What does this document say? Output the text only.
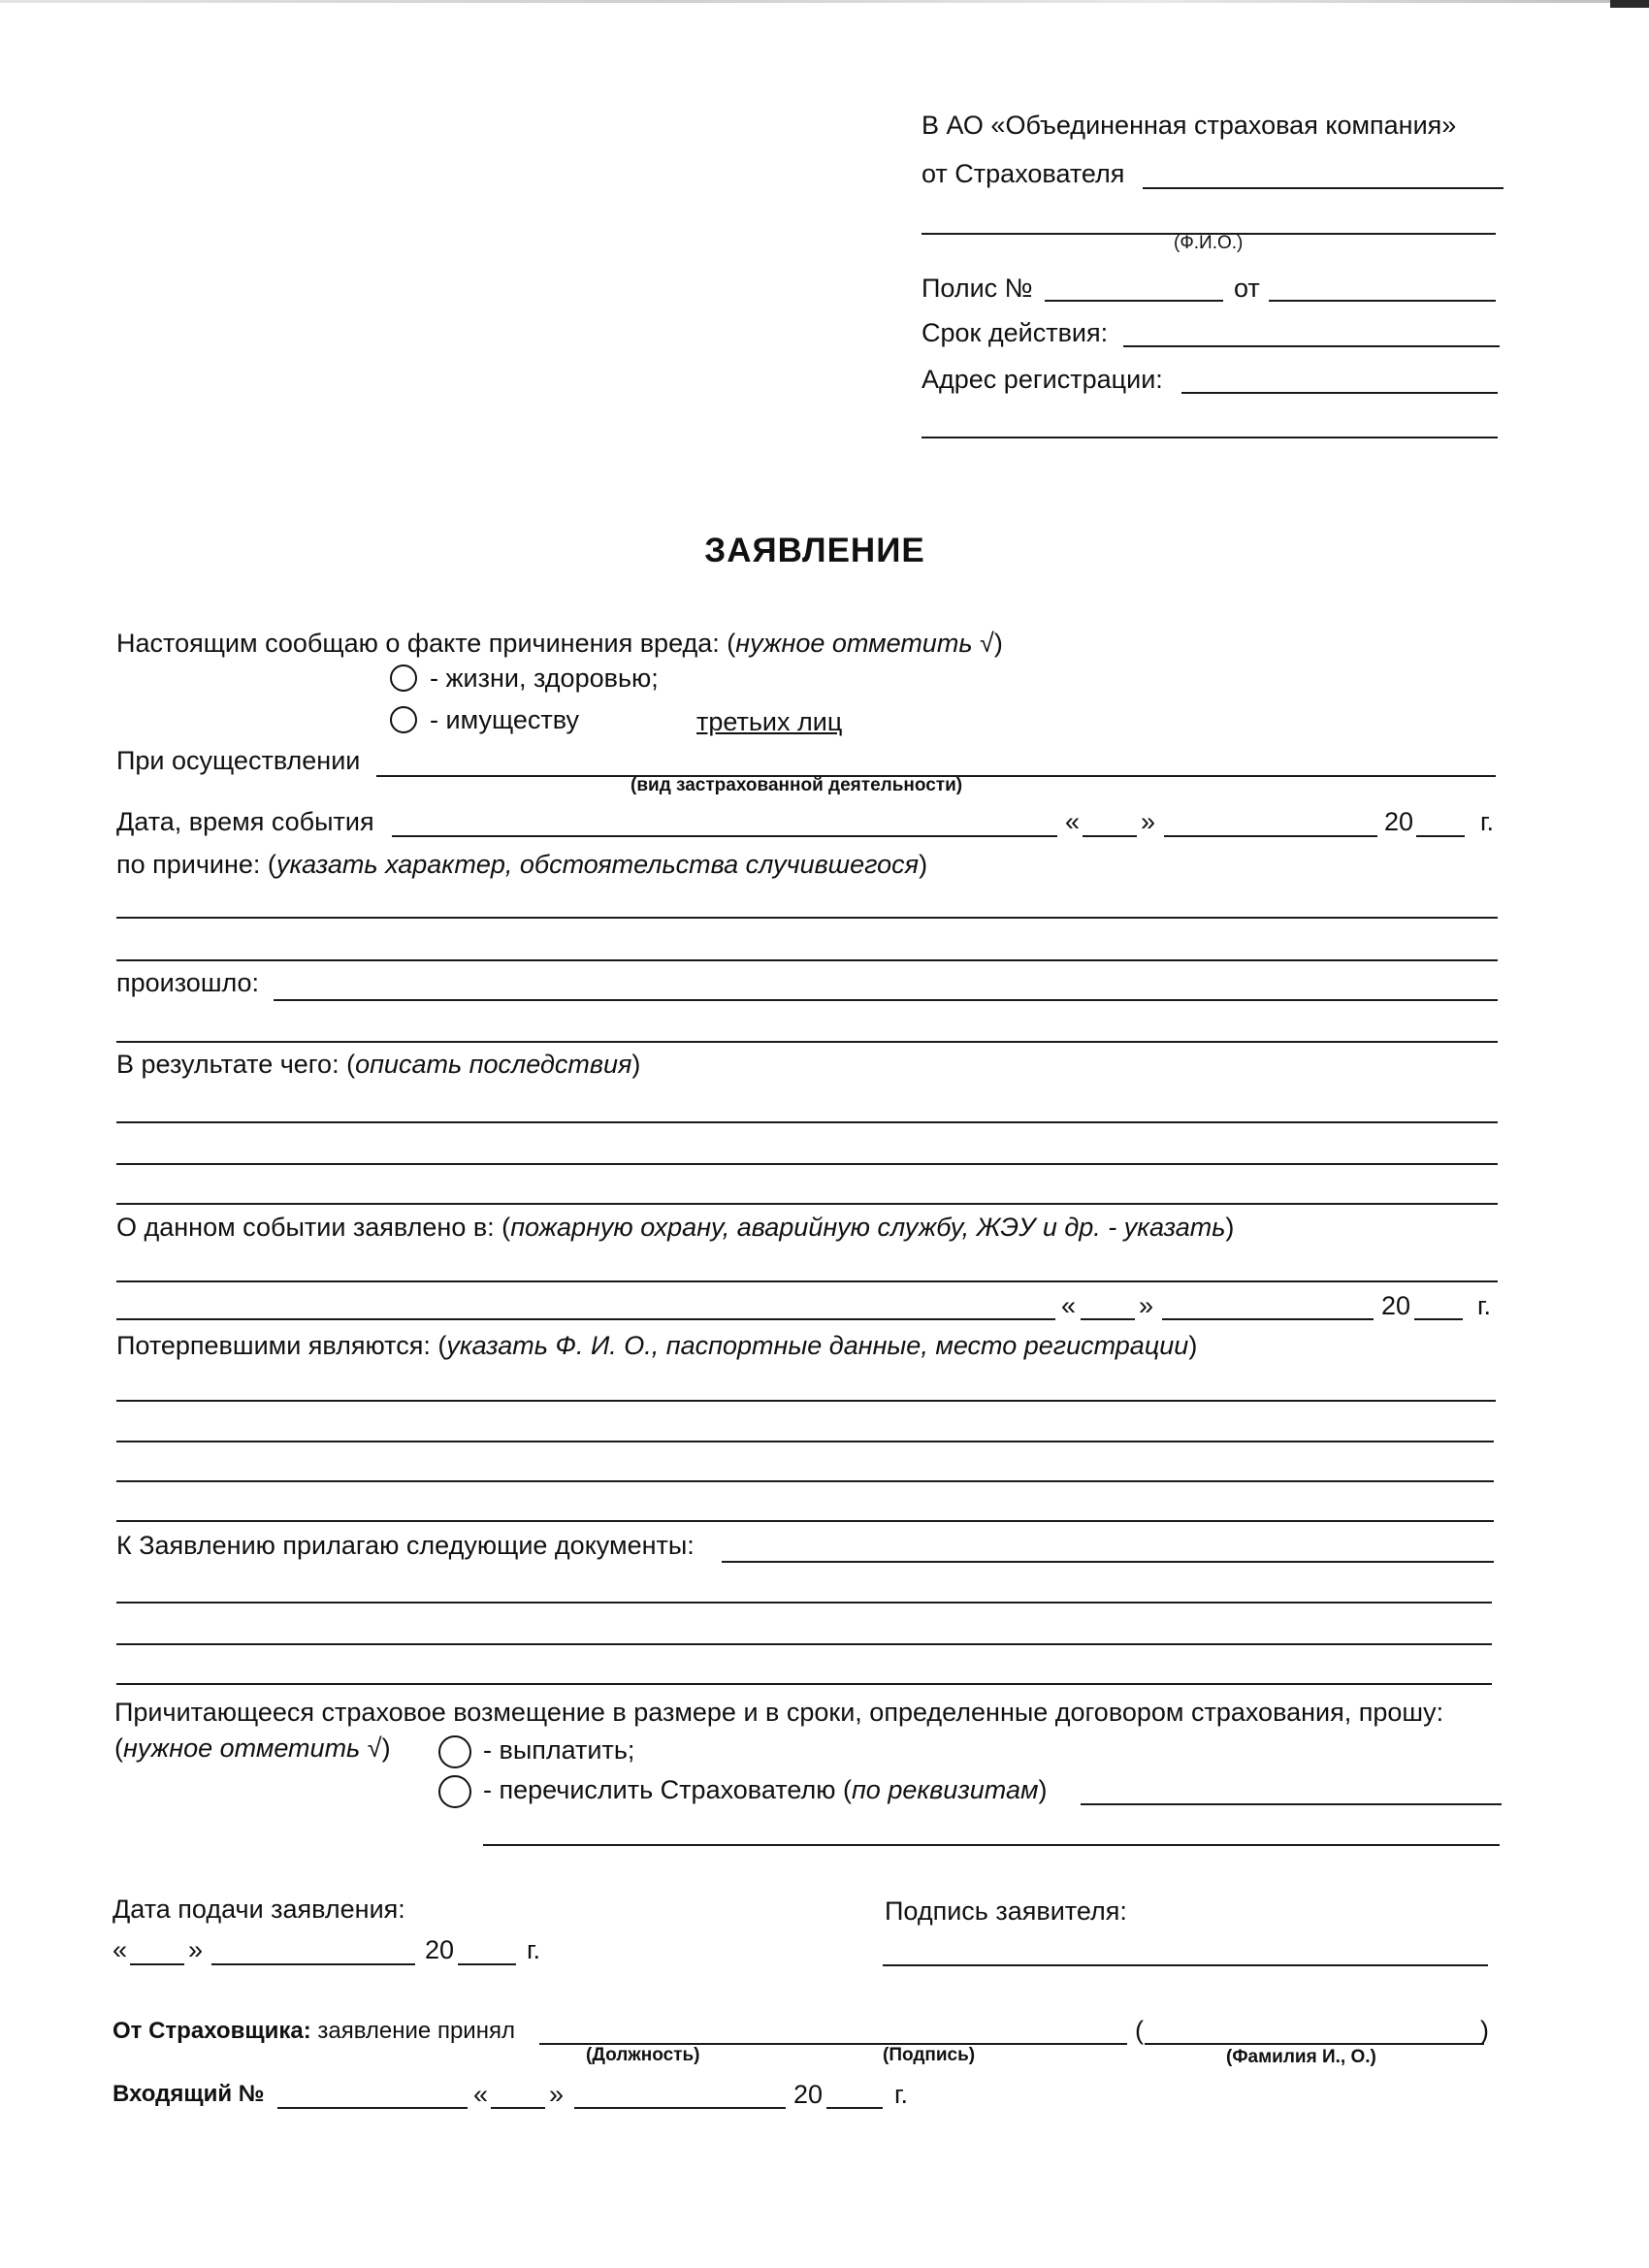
В АО «Объединенная страховая компания»
от Страхователя
(Ф.И.О.)
Полис №	от
Срок действия:
Адрес регистрации:
ЗАЯВЛЕНИЕ
Настоящим сообщаю о факте причинения вреда: (нужное отметить √)
- жизни, здоровью;
- имуществу	третьих лиц
При осуществлении
(вид застрахованной деятельности)
Дата, время события	« »	20	г.
по причине: (указать характер, обстоятельства случившегося)
произошло:
В результате чего: (описать последствия)
О данном событии заявлено в: (пожарную охрану, аварийную службу, ЖЭУ и др. - указать)
« »	20	г.
Потерпевшими являются: (указать Ф. И. О., паспортные данные, место регистрации)
К Заявлению прилагаю следующие документы:
Причитающееся страховое возмещение в размере и в сроки, определенные договором страхования, прошу:
(нужное отметить √)	- выплатить;
- перечислить Страхователю (по реквизитам)
Дата подачи заявления:	Подпись заявителя:
« »	20	г.
От Страховщика: заявление принял	(	)
(Должность)	(Подпись)	(Фамилия И., О.)
Входящий №	« »	20	г.
